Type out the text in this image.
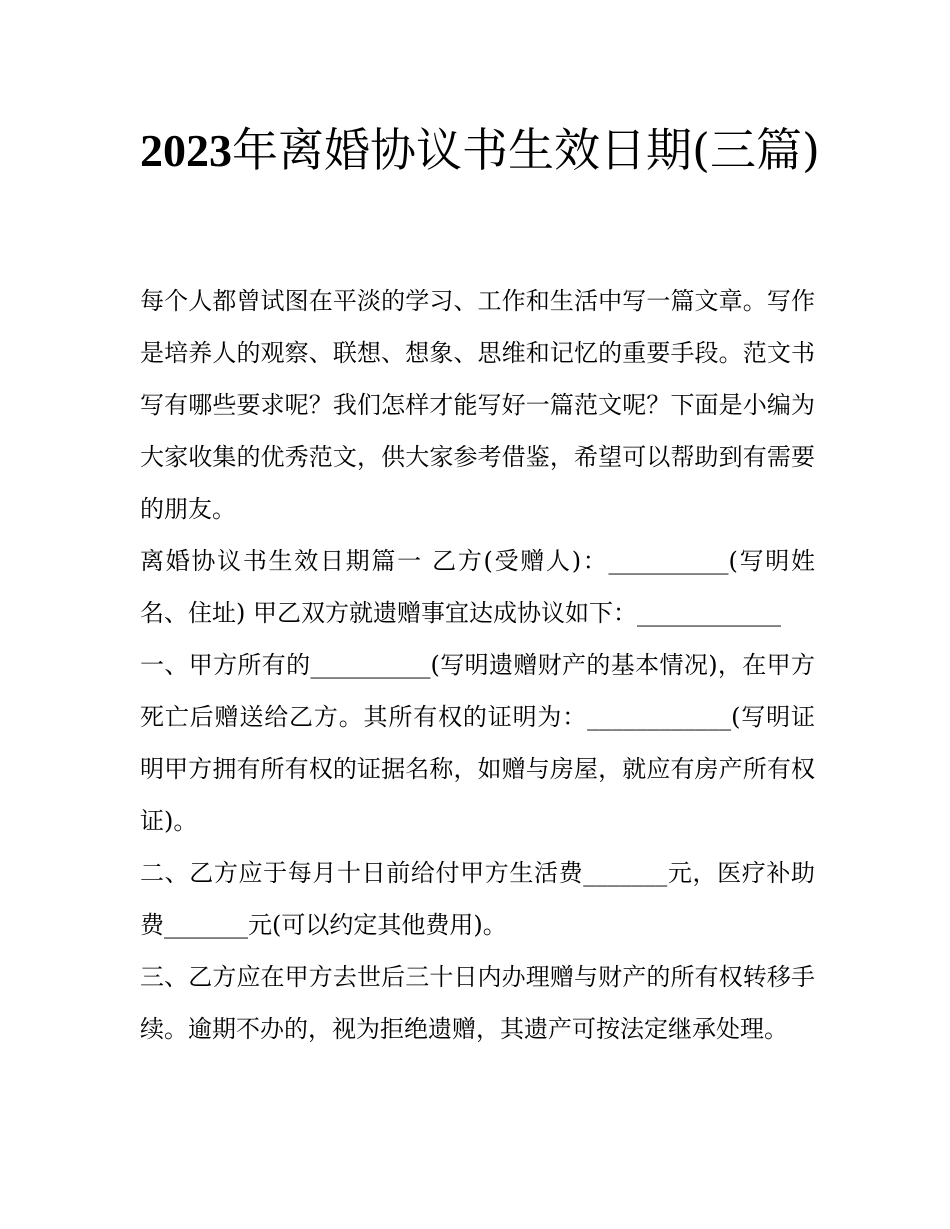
2023年离婚协议书生效日期(三篇)

每个人都曾试图在平淡的学习、工作和生活中写一篇文章。写作是培养人的观察、联想、想象、思维和记忆的重要手段。范文书写有哪些要求呢？我们怎样才能写好一篇范文呢？下面是小编为大家收集的优秀范文，供大家参考借鉴，希望可以帮助到有需要的朋友。

离婚协议书生效日期篇一 乙方(受赠人)：__________(写明姓名、住址) 甲乙双方就遗赠事宜达成协议如下：____________

一、甲方所有的__________(写明遗赠财产的基本情况)，在甲方死亡后赠送给乙方。其所有权的证明为：____________(写明证明甲方拥有所有权的证据名称，如赠与房屋，就应有房产所有权证)。

二、乙方应于每月十日前给付甲方生活费_______元，医疗补助费_______元(可以约定其他费用)。

三、乙方应在甲方去世后三十日内办理赠与财产的所有权转移手续。逾期不办的，视为拒绝遗赠，其遗产可按法定继承处理。
